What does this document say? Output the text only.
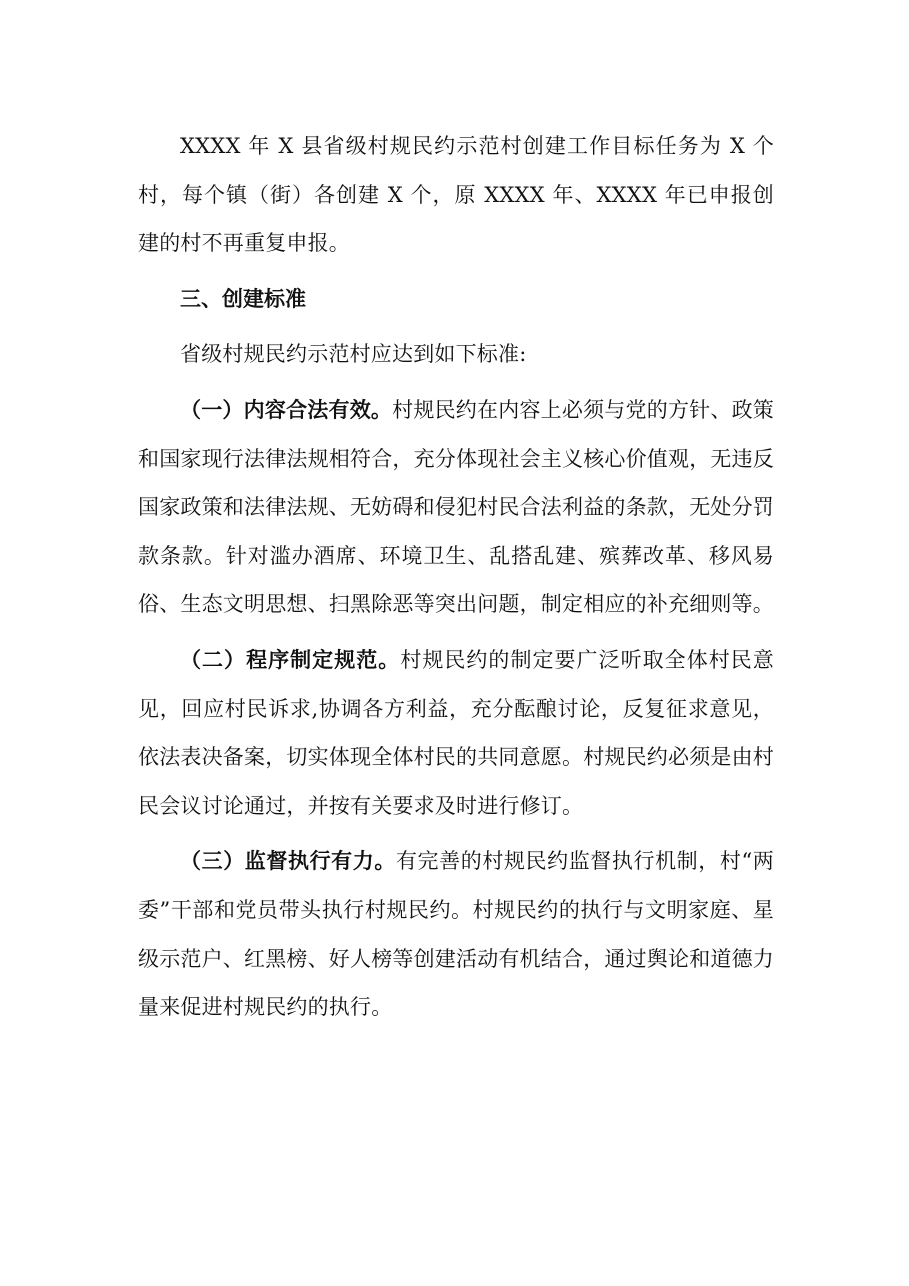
XXXX 年 X 县省级村规民约示范村创建工作目标任务为 X 个村，每个镇（街）各创建 X 个，原 XXXX 年、XXXX 年已申报创建的村不再重复申报。

三、创建标准

省级村规民约示范村应达到如下标准:

（一）内容合法有效。村规民约在内容上必须与党的方针、政策和国家现行法律法规相符合，充分体现社会主义核心价值观，无违反国家政策和法律法规、无妨碍和侵犯村民合法利益的条款，无处分罚款条款。针对滥办酒席、环境卫生、乱搭乱建、殡葬改革、移风易俗、生态文明思想、扫黑除恶等突出问题，制定相应的补充细则等。

（二）程序制定规范。村规民约的制定要广泛听取全体村民意见，回应村民诉求,协调各方利益，充分酝酿讨论，反复征求意见，依法表决备案，切实体现全体村民的共同意愿。村规民约必须是由村民会议讨论通过，并按有关要求及时进行修订。

（三）监督执行有力。有完善的村规民约监督执行机制，村“两委”干部和党员带头执行村规民约。村规民约的执行与文明家庭、星级示范户、红黑榜、好人榜等创建活动有机结合，通过舆论和道德力量来促进村规民约的执行。
